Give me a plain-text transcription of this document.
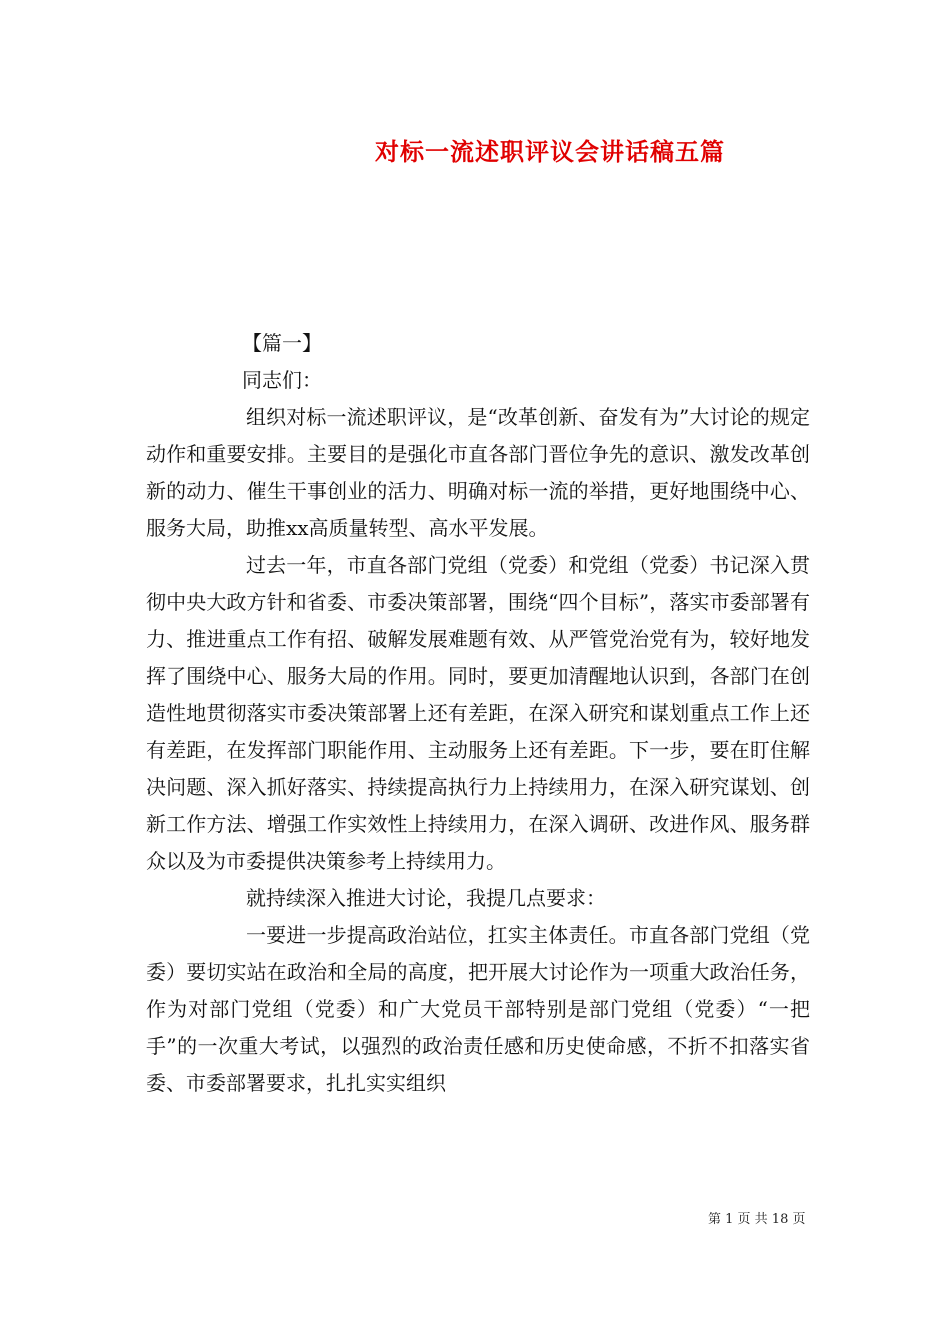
对标一流述职评议会讲话稿五篇

【篇一】

同志们：

组织对标一流述职评议，是“改革创新、奋发有为”大讨论的规定动作和重要安排。主要目的是强化市直各部门晋位争先的意识、激发改革创新的动力、催生干事创业的活力、明确对标一流的举措，更好地围绕中心、服务大局，助推xx高质量转型、高水平发展。

过去一年，市直各部门党组（党委）和党组（党委）书记深入贯彻中央大政方针和省委、市委决策部署，围绕“四个目标”，落实市委部署有力、推进重点工作有招、破解发展难题有效、从严管党治党有为，较好地发挥了围绕中心、服务大局的作用。同时，要更加清醒地认识到，各部门在创造性地贯彻落实市委决策部署上还有差距，在深入研究和谋划重点工作上还有差距，在发挥部门职能作用、主动服务上还有差距。下一步，要在盯住解决问题、深入抓好落实、持续提高执行力上持续用力，在深入研究谋划、创新工作方法、增强工作实效性上持续用力，在深入调研、改进作风、服务群众以及为市委提供决策参考上持续用力。

就持续深入推进大讨论，我提几点要求：

一要进一步提高政治站位，扛实主体责任。市直各部门党组（党委）要切实站在政治和全局的高度，把开展大讨论作为一项重大政治任务，作为对部门党组（党委）和广大党员干部特别是部门党组（党委）“一把手”的一次重大考试，以强烈的政治责任感和历史使命感，不折不扣落实省委、市委部署要求，扎扎实实组织

第 1 页 共 18 页
